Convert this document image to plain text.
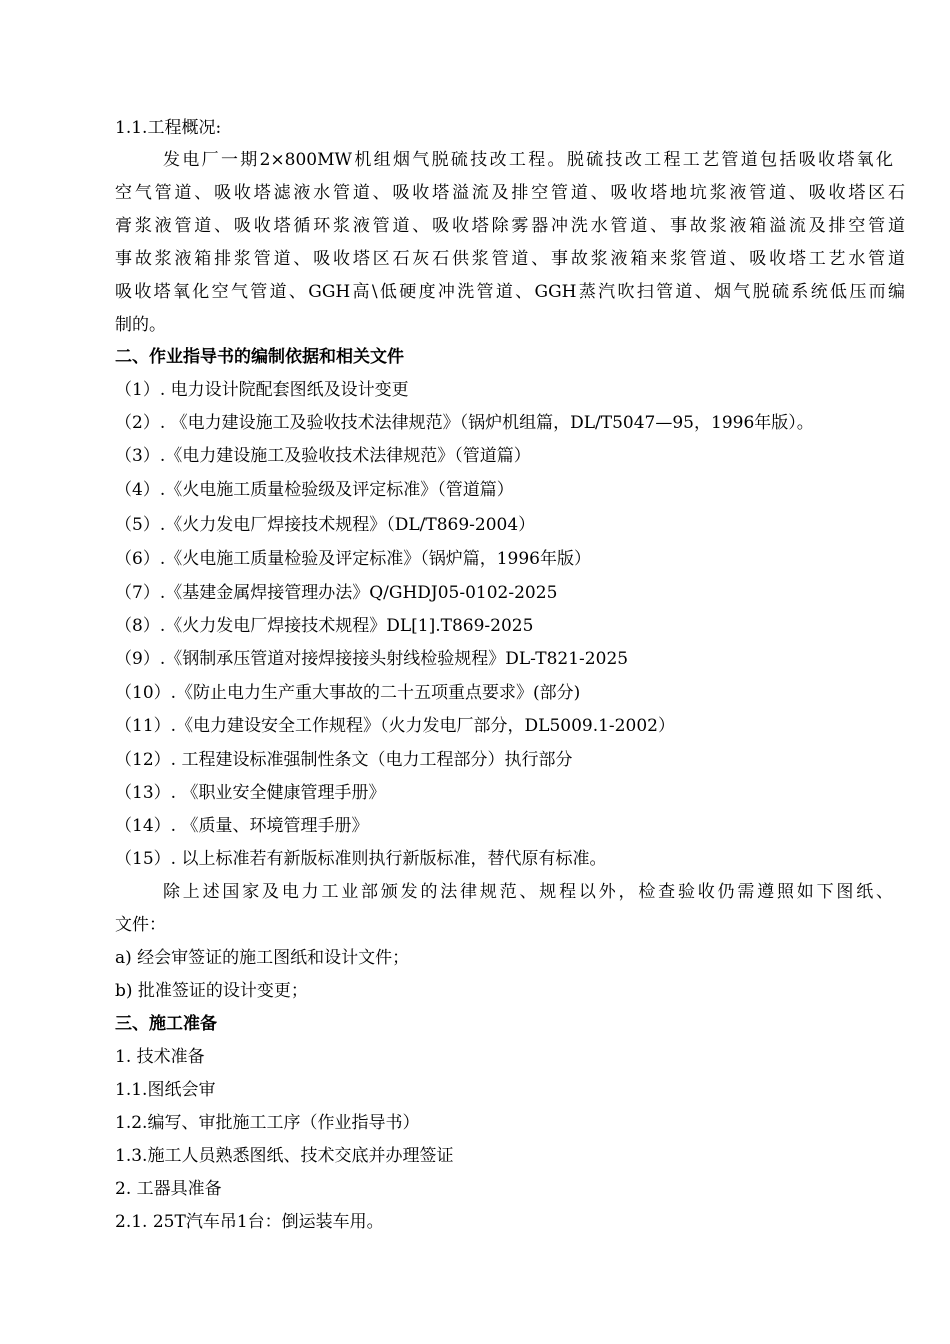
1.1.工程概况:
发电厂一期2×800MW机组烟气脱硫技改工程。脱硫技改工程工艺管道包括吸收塔氧化
空气管道、吸收塔滤液水管道、吸收塔溢流及排空管道、吸收塔地坑浆液管道、吸收塔区石
膏浆液管道、吸收塔循环浆液管道、吸收塔除雾器冲洗水管道、事故浆液箱溢流及排空管道
事故浆液箱排浆管道、吸收塔区石灰石供浆管道、事故浆液箱来浆管道、吸收塔工艺水管道
吸收塔氧化空气管道、GGH高\低硬度冲洗管道、GGH蒸汽吹扫管道、烟气脱硫系统低压而编
制的。
二、作业指导书的编制依据和相关文件
（1）. 电力设计院配套图纸及设计变更
（2）. 《电力建设施工及验收技术法律规范》（锅炉机组篇，DL/T5047—95，1996年版）。
（3）.《电力建设施工及验收技术法律规范》（管道篇）
（4）.《火电施工质量检验级及评定标准》（管道篇）
（5）.《火力发电厂焊接技术规程》（DL/T869-2004）
（6）.《火电施工质量检验及评定标准》（锅炉篇，1996年版）
（7）.《基建金属焊接管理办法》Q/GHDJ05-0102-2025
（8）.《火力发电厂焊接技术规程》DL[1].T869-2025
（9）.《钢制承压管道对接焊接接头射线检验规程》DL-T821-2025
（10）.《防止电力生产重大事故的二十五项重点要求》(部分)
（11）.《电力建设安全工作规程》（火力发电厂部分，DL5009.1-2002）
（12）. 工程建设标准强制性条文（电力工程部分）执行部分
（13）. 《职业安全健康管理手册》
（14）. 《质量、环境管理手册》
（15）. 以上标准若有新版标准则执行新版标准，替代原有标准。
除上述国家及电力工业部颁发的法律规范、规程以外，检查验收仍需遵照如下图纸、
文件：
a) 经会审签证的施工图纸和设计文件；
b) 批准签证的设计变更；
三、施工准备
1. 技术准备
1.1.图纸会审
1.2.编写、审批施工工序（作业指导书）
1.3.施工人员熟悉图纸、技术交底并办理签证
2. 工器具准备
2.1. 25T汽车吊1台：倒运装车用。
